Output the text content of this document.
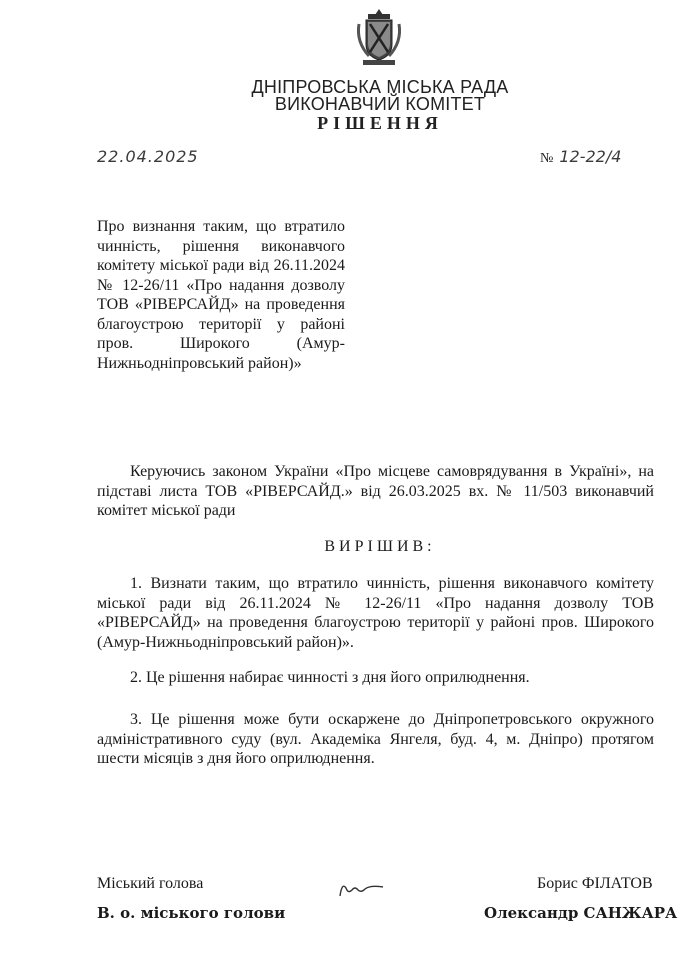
ДНІПРОВСЬКА МІСЬКА РАДА
ВИКОНАВЧИЙ КОМІТЕТ
РІШЕННЯ
22.04.2025	№ 12-22/4
Про визнання таким, що втратило чинність, рішення виконавчого комітету міської ради від 26.11.2024 № 12-26/11 «Про надання дозволу ТОВ «РІВЕРСАЙД» на проведення благоустрою території у районі пров. Широкого (Амур-Нижньодніпровський район)»
Керуючись законом України «Про місцеве самоврядування в Україні», на підставі листа ТОВ «РІВЕРСАЙД.» від 26.03.2025 вх. № 11/503 виконавчий комітет міської ради
ВИРІШИВ:
1. Визнати таким, що втратило чинність, рішення виконавчого комітету міської ради від 26.11.2024 № 12-26/11 «Про надання дозволу ТОВ «РІВЕРСАЙД» на проведення благоустрою території у районі пров. Широкого (Амур-Нижньодніпровський район)».
2. Це рішення набирає чинності з дня його оприлюднення.
3. Це рішення може бути оскаржене до Дніпропетровського окружного адміністративного суду (вул. Академіка Янгеля, буд. 4, м. Дніпро) протягом шести місяців з дня його оприлюднення.
Міський голова	Борис ФІЛАТОВ
В. о. міського голови	Олександр САНЖАРА
